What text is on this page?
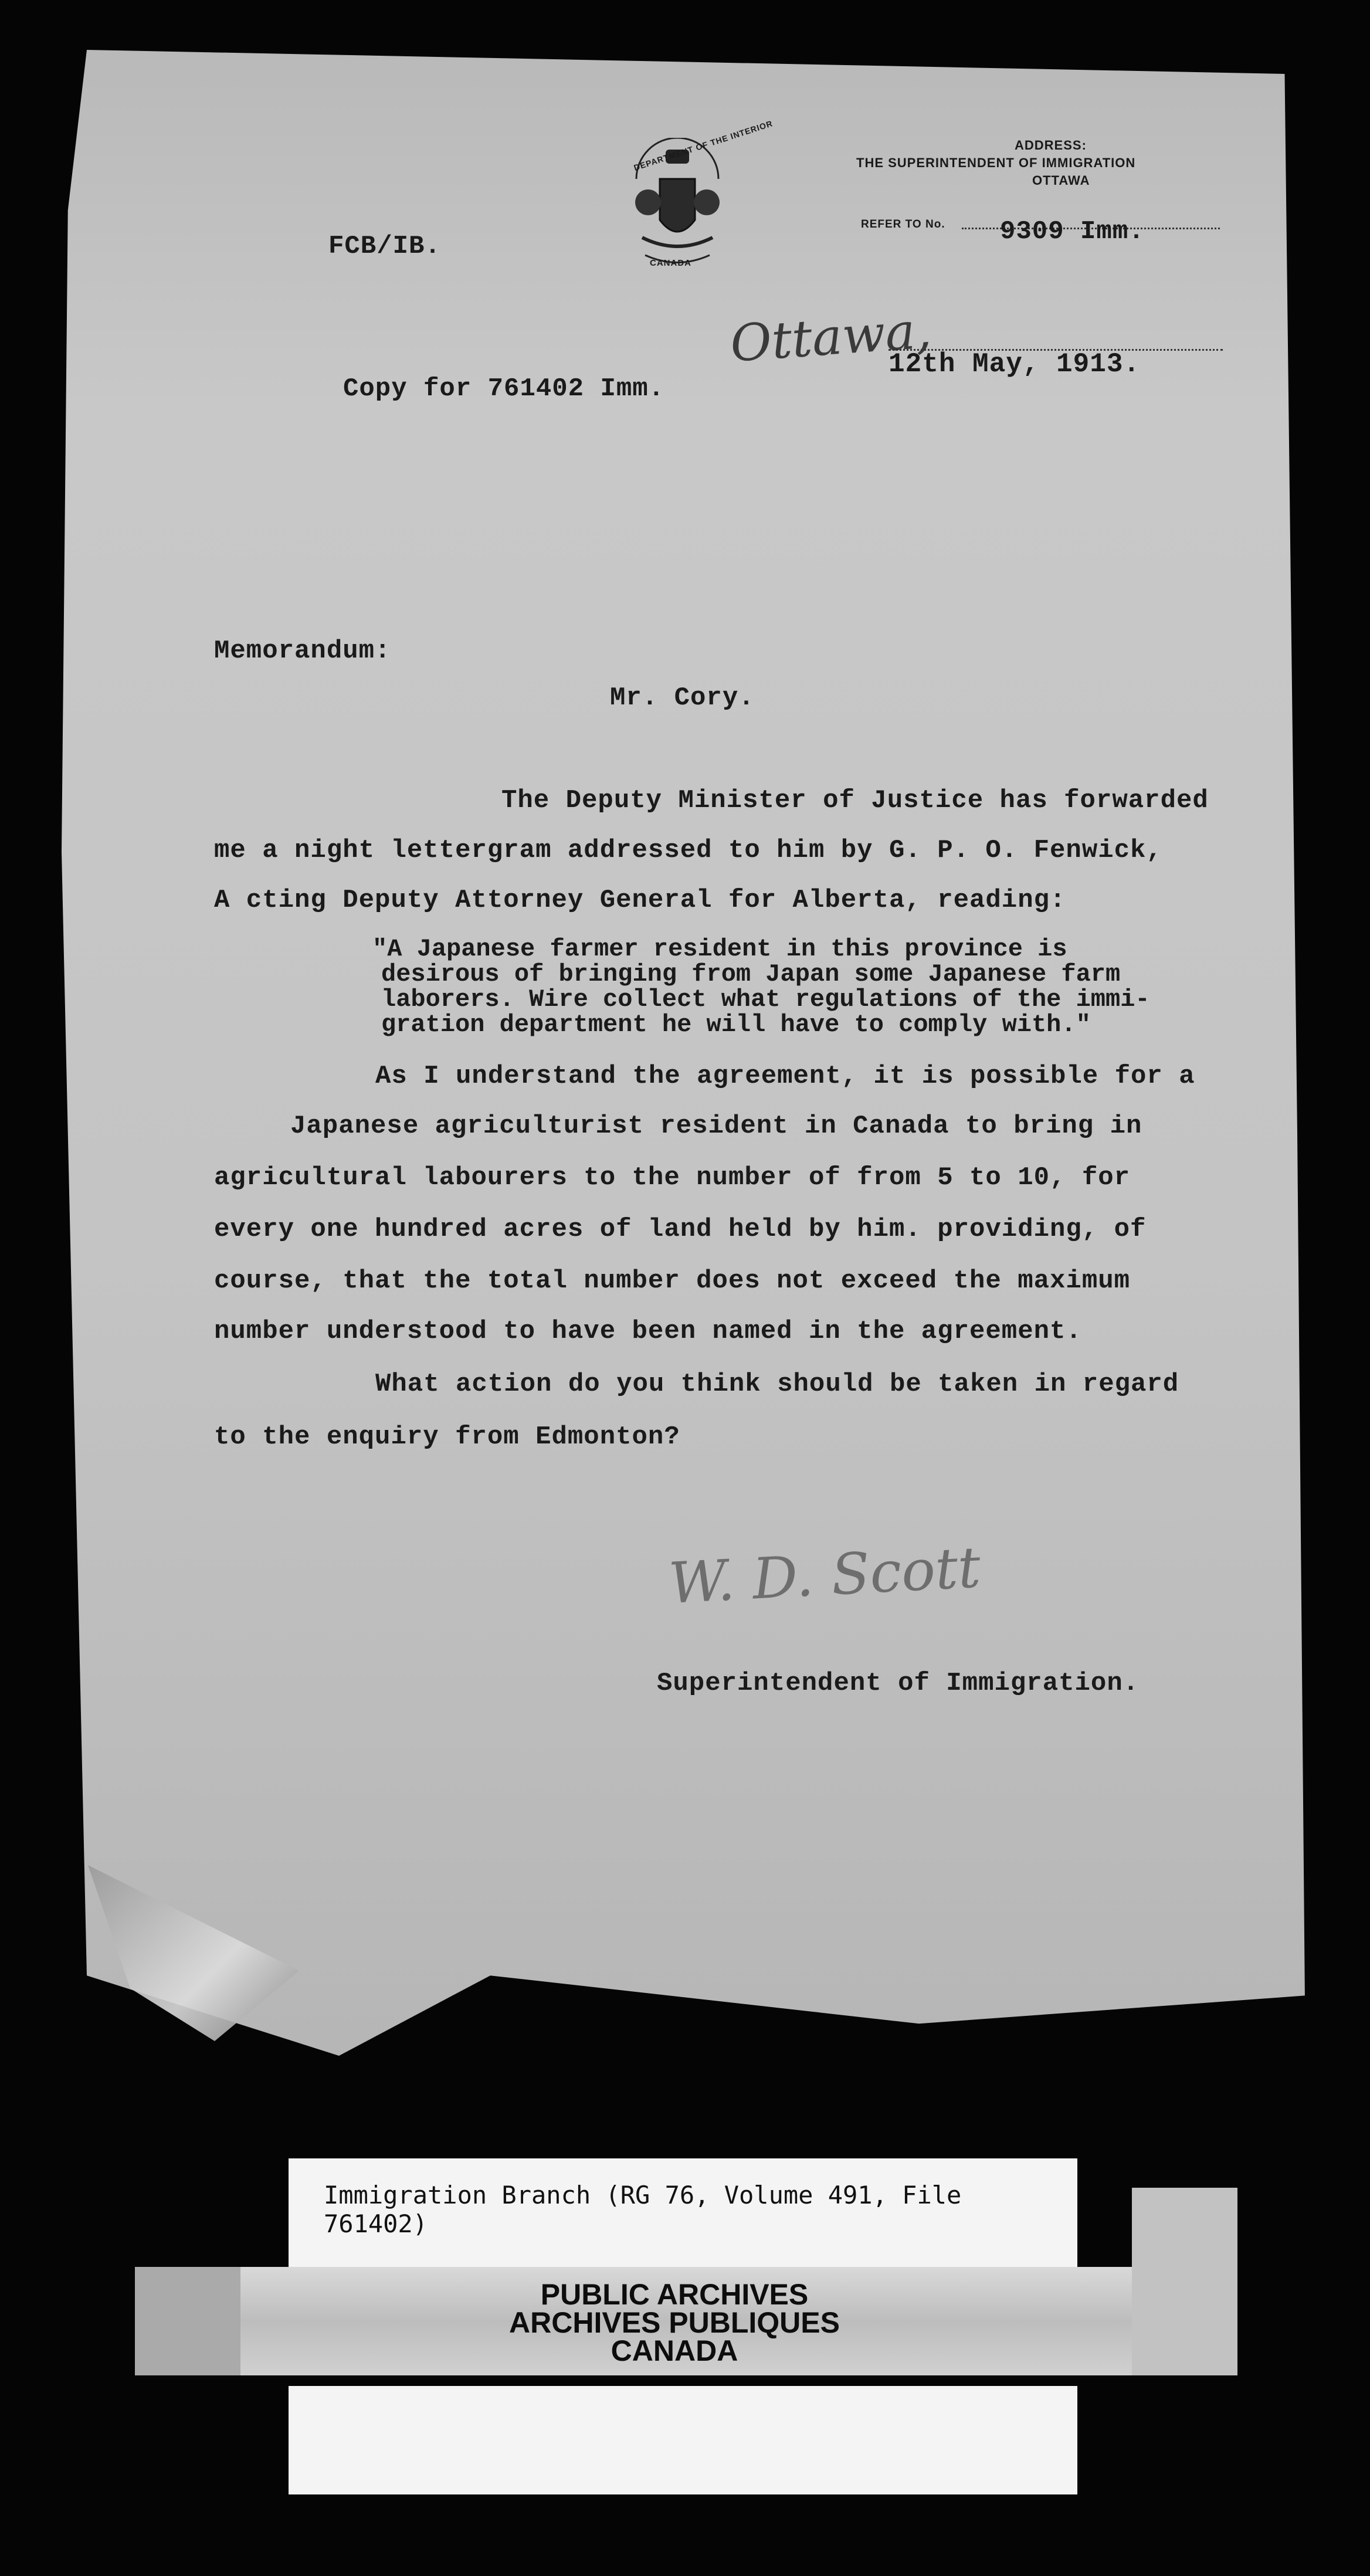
DEPARTMENT OF THE INTERIOR
CANADA
ADDRESS:
THE SUPERINTENDENT OF IMMIGRATION
OTTAWA
REFER TO No. 9309 Imm.
FCB/IB.
Ottawa,
12th May, 1913.
Copy for 761402 Imm.
Memorandum:
Mr. Cory.
The Deputy Minister of Justice has forwarded
me a night lettergram addressed to him by G. P. O. Fenwick,
A cting Deputy Attorney General for Alberta, reading:
"A Japanese farmer resident in this province is
desirous of bringing from Japan some Japanese farm
laborers. Wire collect what regulations of the immi-
gration department he will have to comply with."
As I understand the agreement, it is possible for a
Japanese agriculturist resident in Canada to bring in
agricultural labourers to the number of from 5 to 10, for
every one hundred acres of land held by him. providing, of
course, that the total number does not exceed the maximum
number understood to have been named in the agreement.
What action do you think should be taken in regard
to the enquiry from Edmonton?
W. D. Scott
Superintendent of Immigration.
Immigration Branch (RG 76, Volume 491, File 761402)
PUBLIC ARCHIVES
ARCHIVES PUBLIQUES
CANADA
